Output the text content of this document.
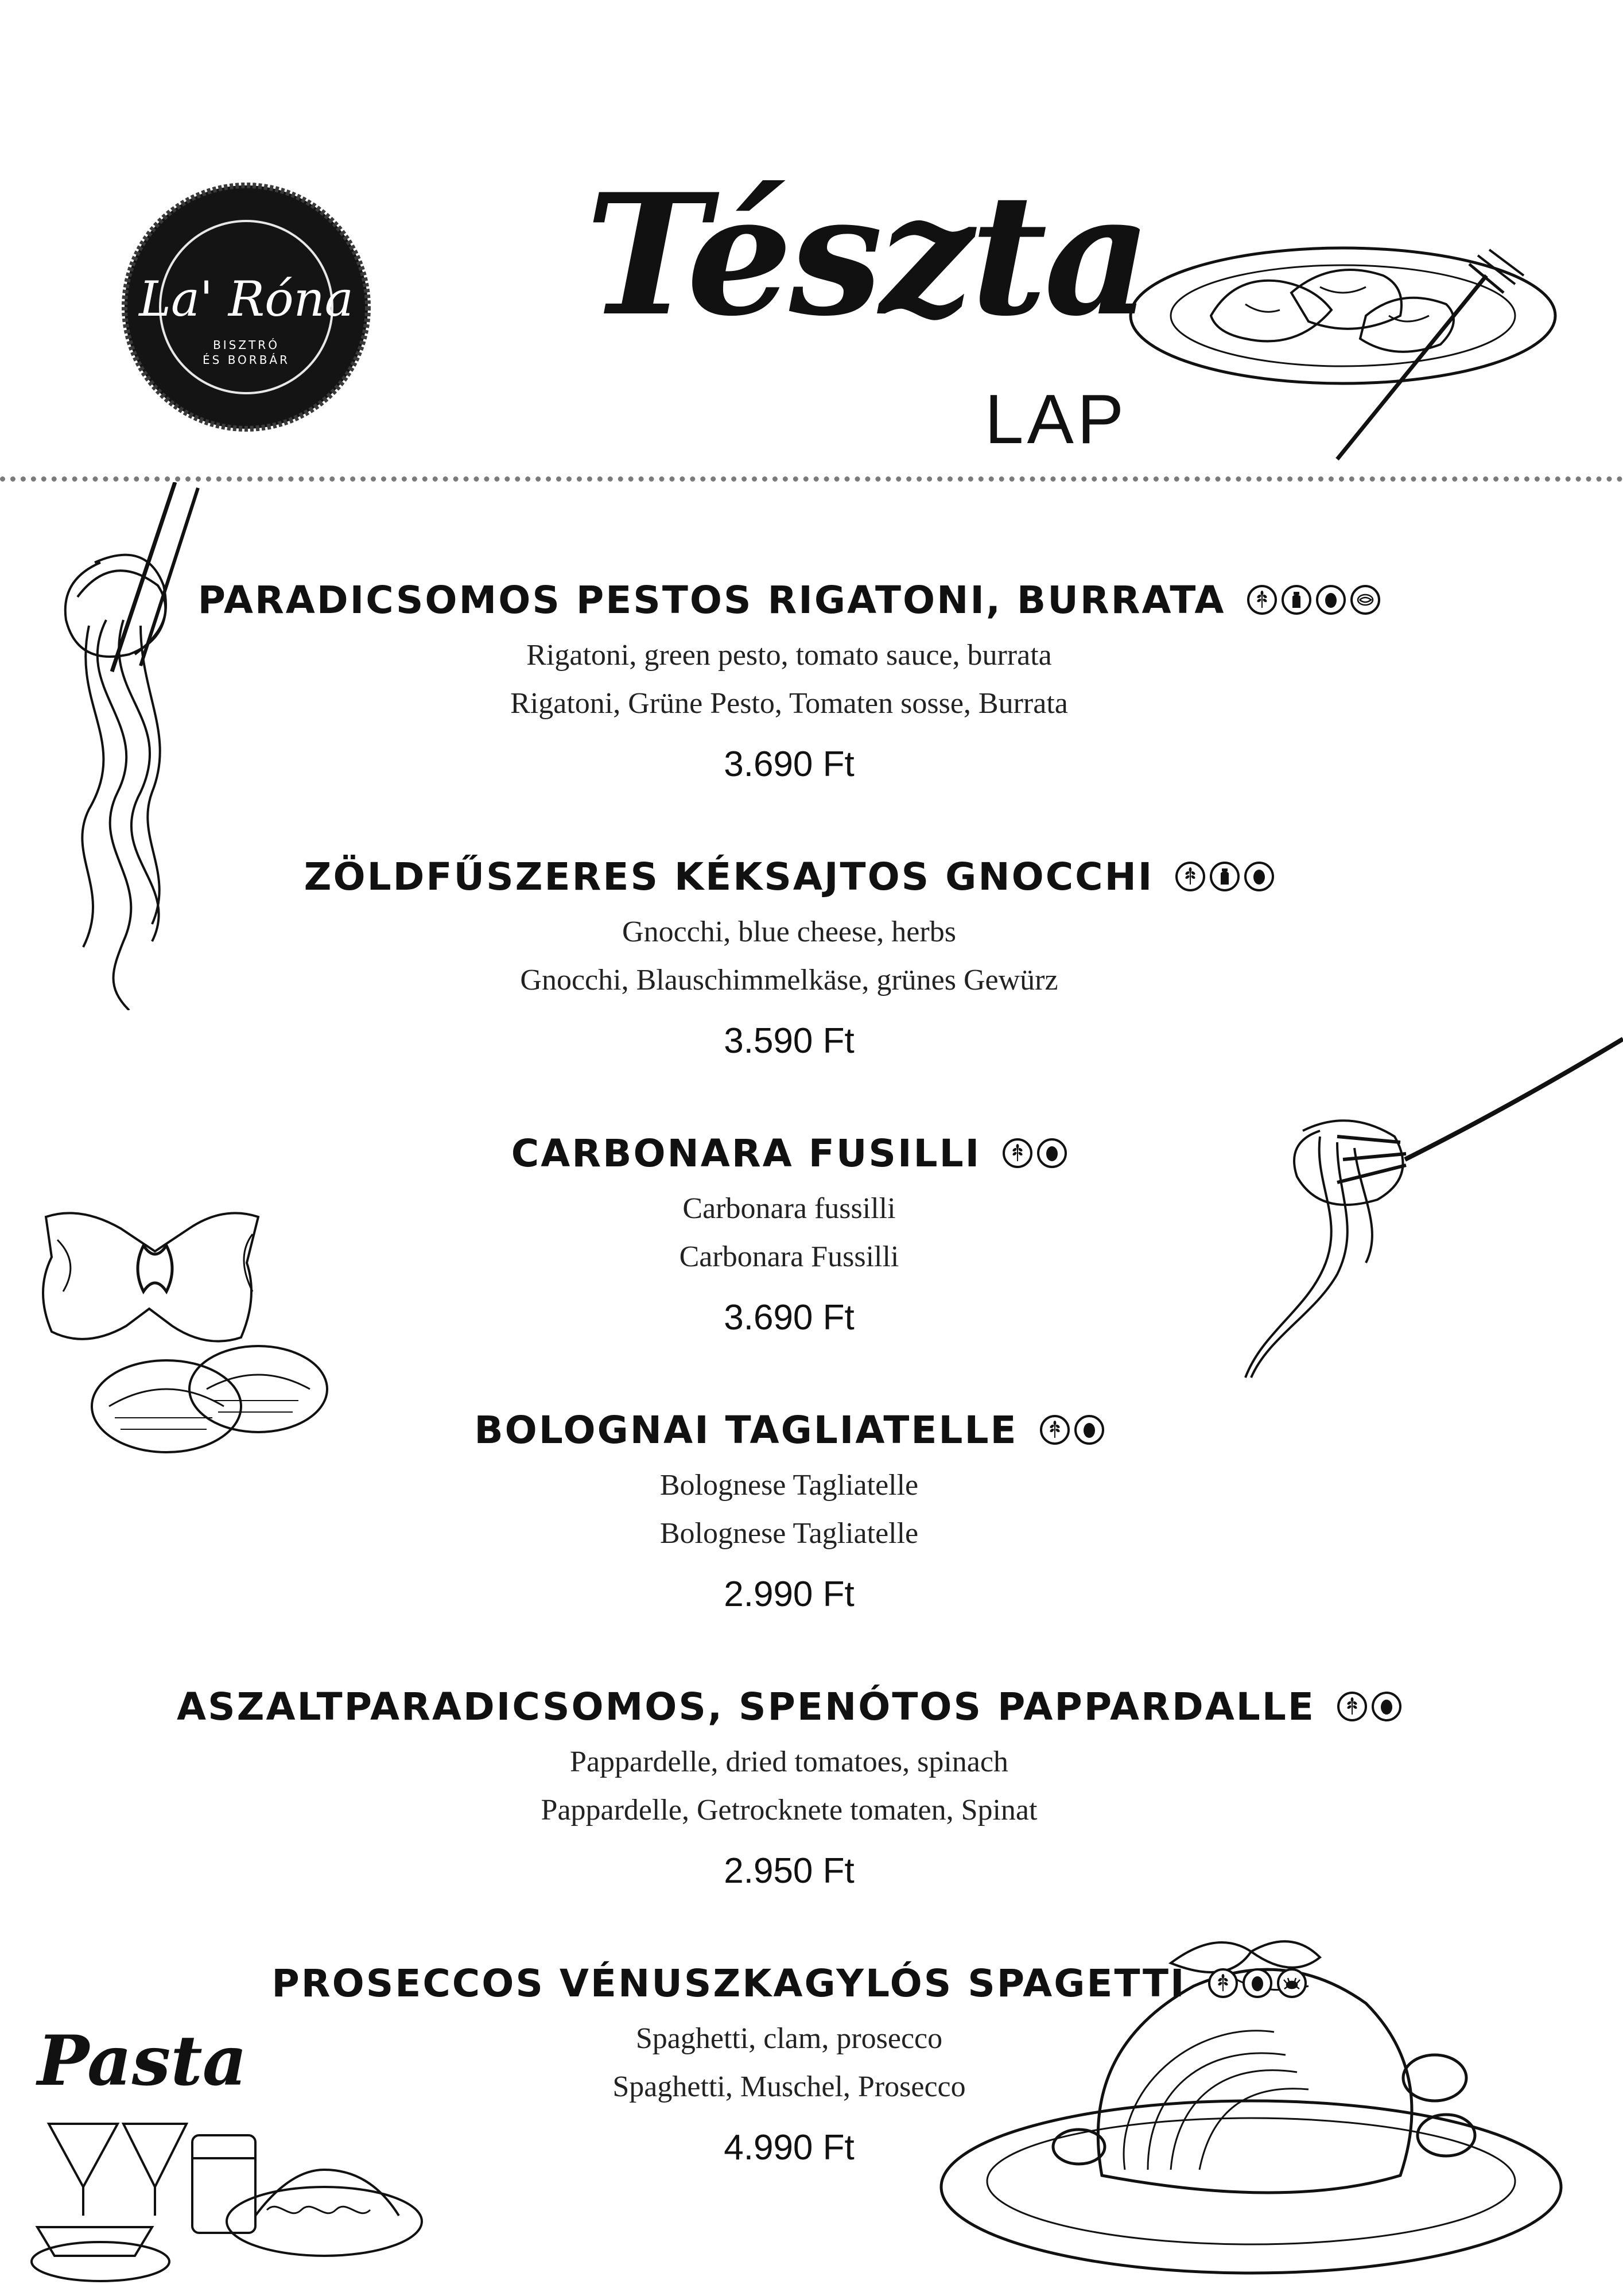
La' Róna
BISZTRÓ
ÉS BORBÁR
Tészta
LAP
Pasta
PARADICSOMOS PESTOS RIGATONI, BURRATA
Rigatoni, green pesto, tomato sauce, burrata
Rigatoni, Grüne Pesto, Tomaten sosse, Burrata
3.690 Ft
ZÖLDFŰSZERES KÉKSAJTOS GNOCCHI
Gnocchi, blue cheese, herbs
Gnocchi, Blauschimmelkäse, grünes Gewürz
3.590 Ft
CARBONARA FUSILLI
Carbonara fussilli
Carbonara Fussilli
3.690 Ft
BOLOGNAI TAGLIATELLE
Bolognese Tagliatelle
Bolognese Tagliatelle
2.990 Ft
ASZALTPARADICSOMOS, SPENÓTOS PAPPARDALLE
Pappardelle, dried tomatoes, spinach
Pappardelle, Getrocknete tomaten, Spinat
2.950 Ft
PROSECCOS VÉNUSZKAGYLÓS SPAGETTI
Spaghetti, clam, prosecco
Spaghetti, Muschel, Prosecco
4.990 Ft
